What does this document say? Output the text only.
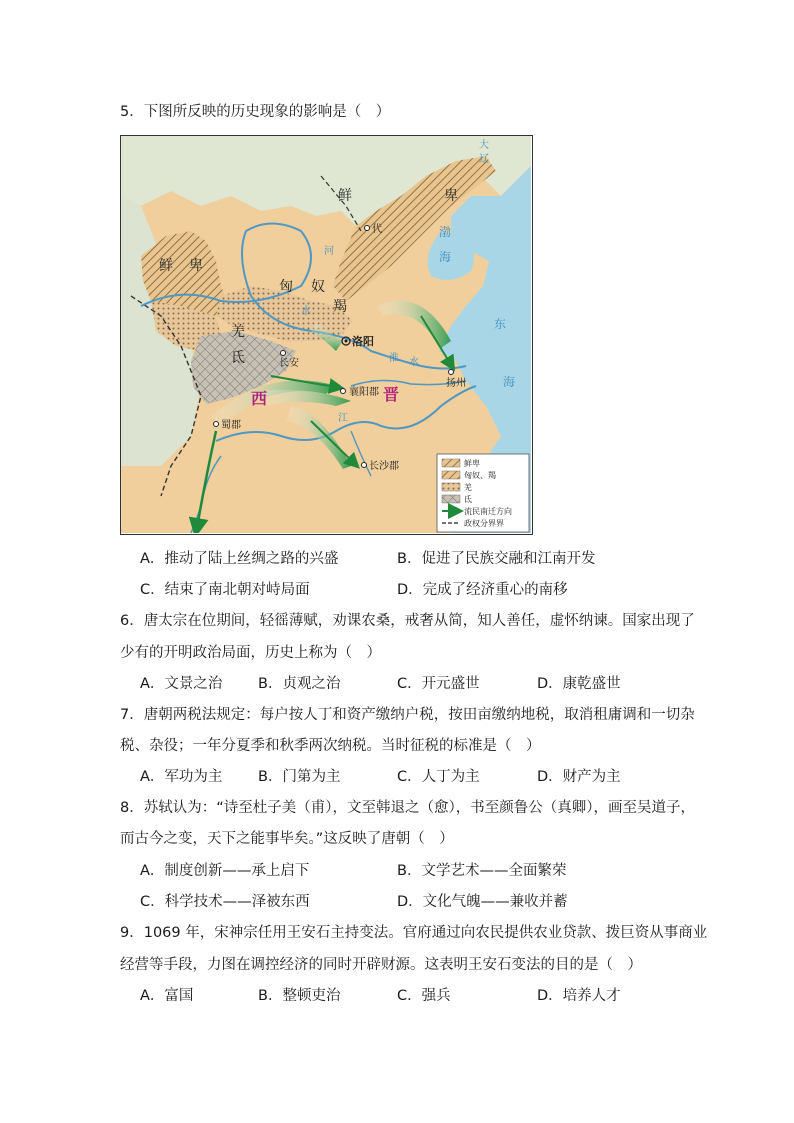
5．下图所反映的历史现象的影响是（　）
鲜	卑
鲜 卑
匈 奴
羯
羌
氐
代
长安
襄阳郡
蜀郡
长沙郡
扬州
洛阳
河
水
江
淮 水
大
辽
渤
海
东
海
西	晋
鲜卑
匈奴、羯
羌
氐
流民南迁方向
政权分界界
A．推动了陆上丝绸之路的兴盛	B．促进了民族交融和江南开发
C．结束了南北朝对峙局面	D．完成了经济重心的南移
6．唐太宗在位期间，轻徭薄赋，劝课农桑，戒奢从简，知人善任，虚怀纳谏。国家出现了
少有的开明政治局面，历史上称为（　）
A．文景之治 B．贞观之治	C．开元盛世	D．康乾盛世
7．唐朝两税法规定：每户按人丁和资产缴纳户税，按田亩缴纳地税，取消租庸调和一切杂
税、杂役；一年分夏季和秋季两次纳税。当时征税的标准是（　）
A．军功为主 B．门第为主	C．人丁为主	D．财产为主
8．苏轼认为：“诗至杜子美（甫），文至韩退之（愈），书至颜鲁公（真卿），画至吴道子，
而古今之变，天下之能事毕矣。”这反映了唐朝（　）
A．制度创新——承上启下	B．文学艺术——全面繁荣
C．科学技术——泽被东西	D．文化气魄——兼收并蓄
9．1069 年，宋神宗任用王安石主持变法。官府通过向农民提供农业贷款、拨巨资从事商业
经营等手段，力图在调控经济的同时开辟财源。这表明王安石变法的目的是（　）
A．富国	B．整顿吏治	C．强兵	D．培养人才
